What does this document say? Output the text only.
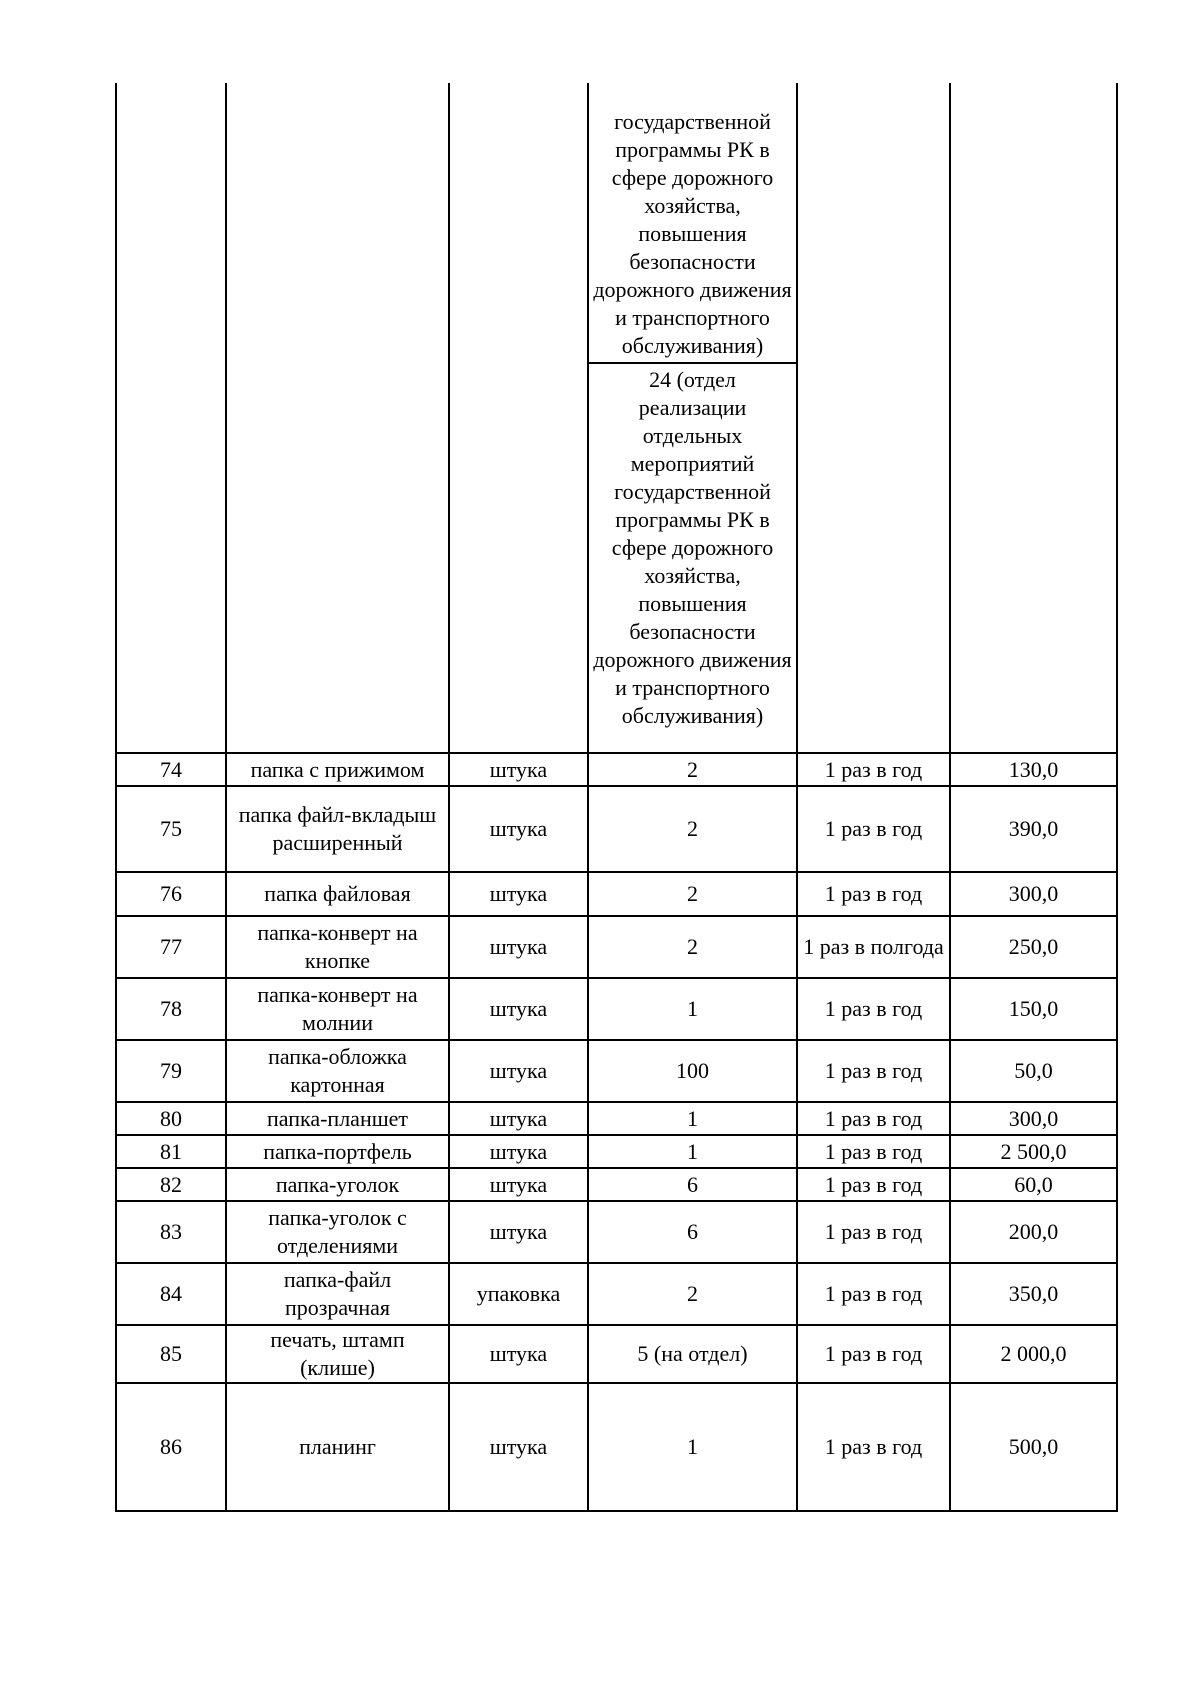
			государственной программы РК в сфере дорожного хозяйства, повышения безопасности дорожного движения и транспортного обслуживания)		
			24 (отдел реализации отдельных мероприятий государственной программы РК в сфере дорожного хозяйства, повышения безопасности дорожного движения и транспортного обслуживания)		
74	папка с прижимом	штука	2	1 раз в год	130,0
75	папка файл-вкладыш расширенный	штука	2	1 раз в год	390,0
76	папка файловая	штука	2	1 раз в год	300,0
77	папка-конверт на кнопке	штука	2	1 раз в полгода	250,0
78	папка-конверт на молнии	штука	1	1 раз в год	150,0
79	папка-обложка картонная	штука	100	1 раз в год	50,0
80	папка-планшет	штука	1	1 раз в год	300,0
81	папка-портфель	штука	1	1 раз в год	2 500,0
82	папка-уголок	штука	6	1 раз в год	60,0
83	папка-уголок с отделениями	штука	6	1 раз в год	200,0
84	папка-файл прозрачная	упаковка	2	1 раз в год	350,0
85	печать, штамп (клише)	штука	5 (на отдел)	1 раз в год	2 000,0
86	планинг	штука	1	1 раз в год	500,0
